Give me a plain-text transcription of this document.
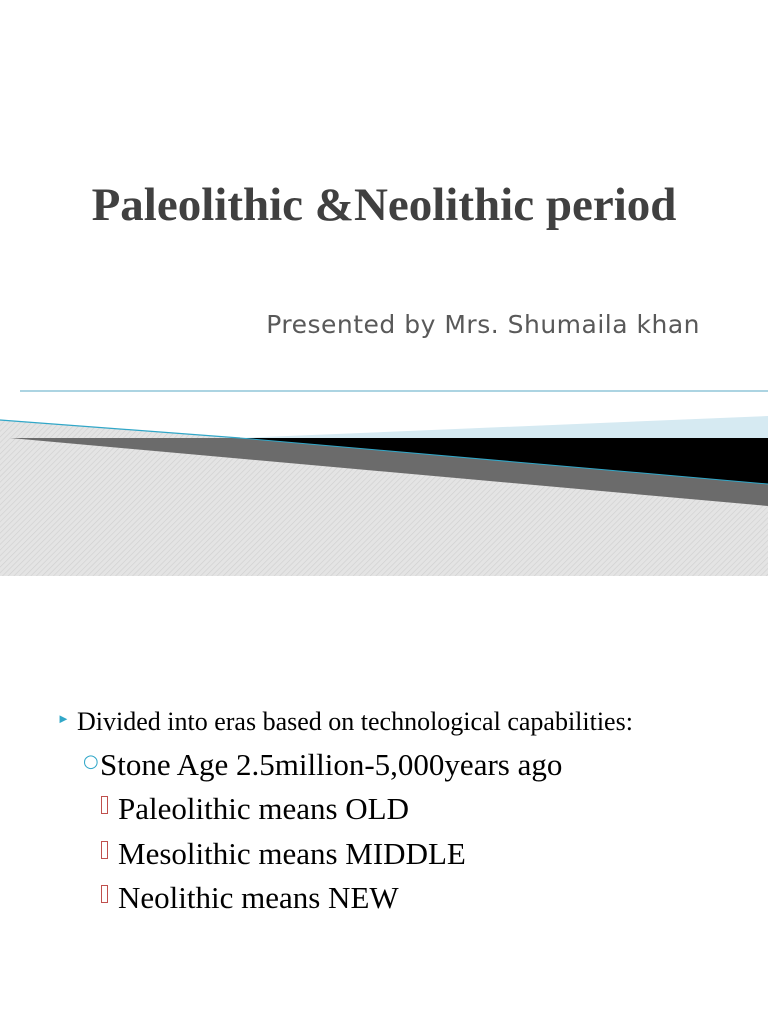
Paleolithic &Neolithic period
Presented by Mrs. Shumaila khan
► Divided into eras based on technological capabilities:
○ Stone Age 2.5million-5,000years ago
Paleolithic means OLD
Mesolithic means MIDDLE
Neolithic means NEW
